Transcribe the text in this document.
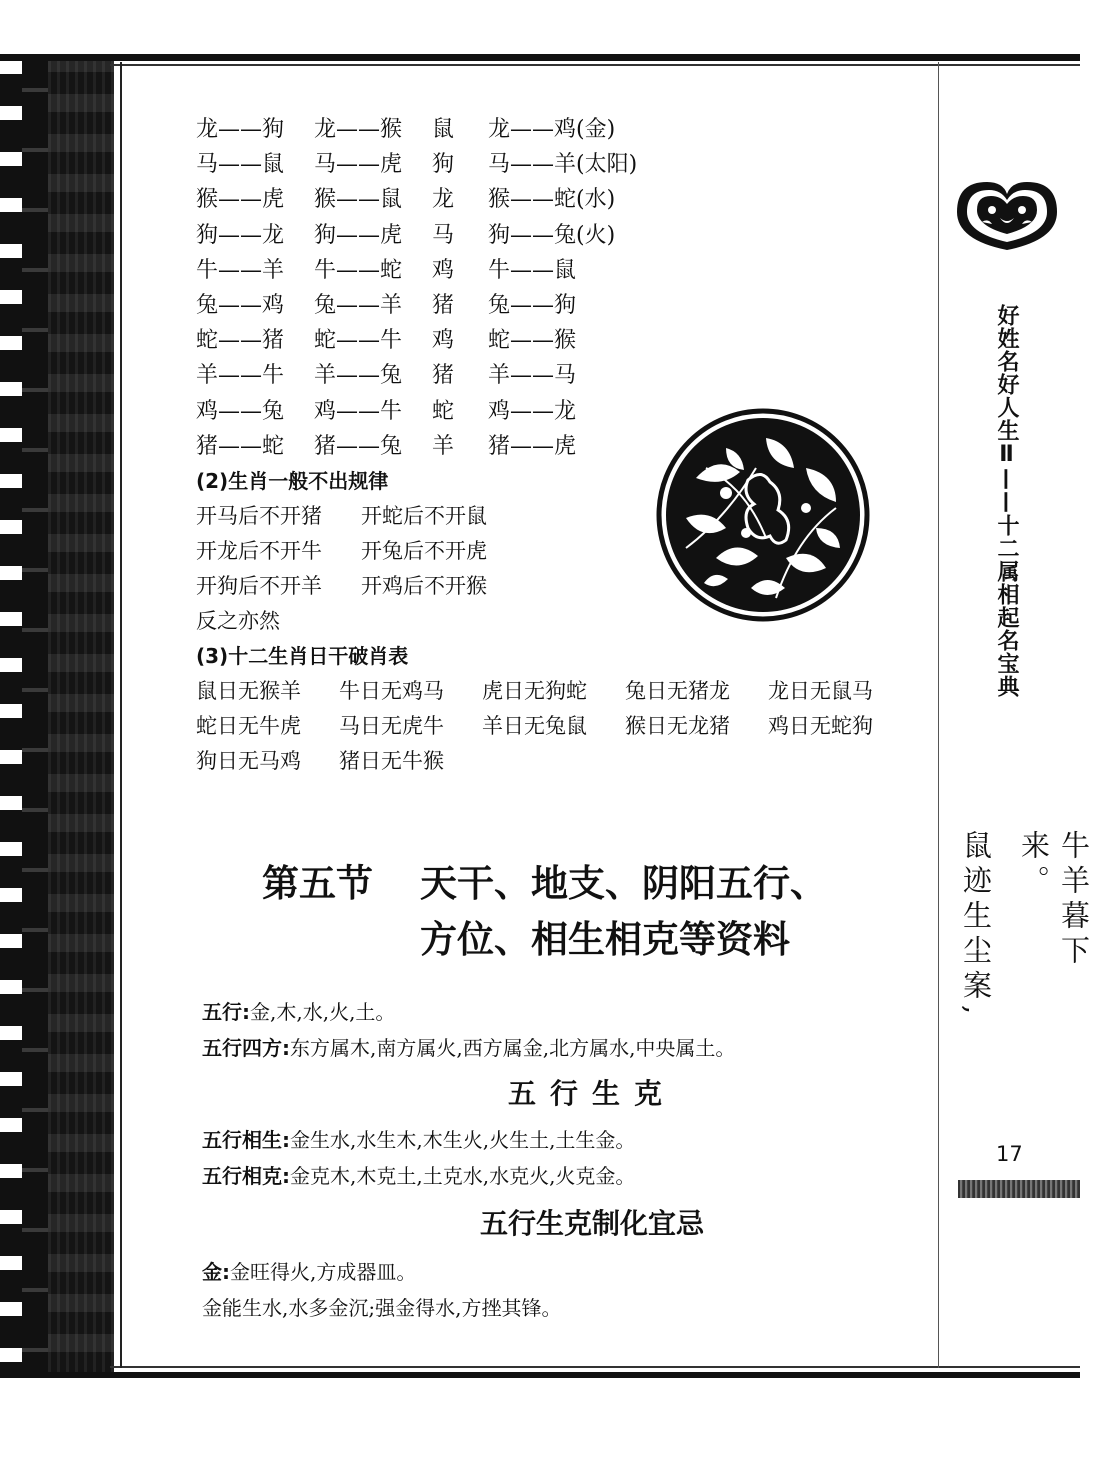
龙——狗	龙——猴	鼠	龙——鸡(金)
马——鼠	马——虎	狗	马——羊(太阳)
猴——虎	猴——鼠	龙	猴——蛇(水)
狗——龙	狗——虎	马	狗——兔(火)
牛——羊	牛——蛇	鸡	牛——鼠
兔——鸡	兔——羊	猪	兔——狗
蛇——猪	蛇——牛	鸡	蛇——猴
羊——牛	羊——兔	猪	羊——马
鸡——兔	鸡——牛	蛇	鸡——龙
猪——蛇	猪——兔	羊	猪——虎
(2)生肖一般不出规律
开马后不开猪 开蛇后不开鼠
开龙后不开牛 开兔后不开虎
开狗后不开羊 开鸡后不开猴
反之亦然
(3)十二生肖日干破肖表
鼠日无猴羊 牛日无鸡马 虎日无狗蛇 兔日无猪龙 龙日无鼠马
蛇日无牛虎 马日无虎牛 羊日无兔鼠 猴日无龙猪 鸡日无蛇狗
狗日无马鸡 猪日无牛猴
第五节 天干、地支、阴阳五行、
方位、相生相克等资料
五行:金,木,水,火,土。
五行四方:东方属木,南方属火,西方属金,北方属水,中央属土。
五行生克
五行相生:金生水,水生木,木生火,火生土,土生金。
五行相克:金克木,木克土,土克水,水克火,火克金。
五行生克制化宜忌
金:金旺得火,方成器皿。
金能生水,水多金沉;强金得水,方挫其锋。
好姓名好人生Ⅱ——十二属相起名宝典
牛羊暮下来。
鼠迹生尘案,
17
